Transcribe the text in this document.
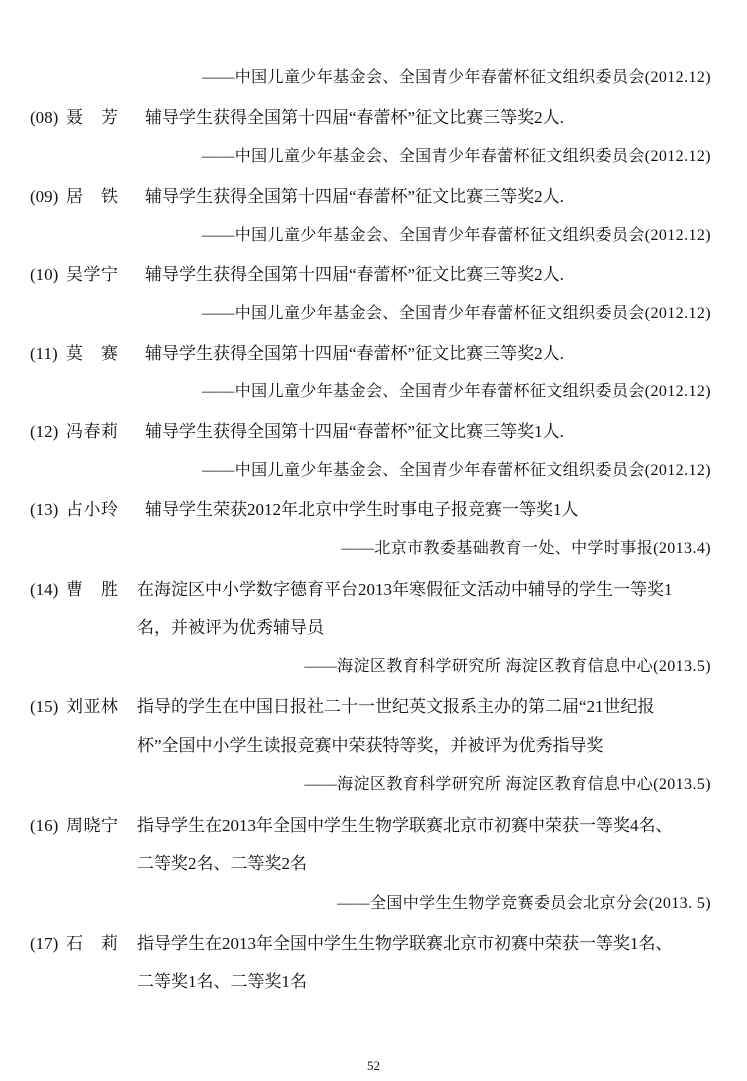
——中国儿童少年基金会、全国青少年春蕾杯征文组织委员会(2012.12)
(08) 聂　芳 辅导学生获得全国第十四届“春蕾杯”征文比赛三等奖2人.
——中国儿童少年基金会、全国青少年春蕾杯征文组织委员会(2012.12)
(09) 居　铁 辅导学生获得全国第十四届“春蕾杯”征文比赛三等奖2人.
——中国儿童少年基金会、全国青少年春蕾杯征文组织委员会(2012.12)
(10) 吴学宁 辅导学生获得全国第十四届“春蕾杯”征文比赛三等奖2人.
——中国儿童少年基金会、全国青少年春蕾杯征文组织委员会(2012.12)
(11) 莫　赛 辅导学生获得全国第十四届“春蕾杯”征文比赛三等奖2人.
——中国儿童少年基金会、全国青少年春蕾杯征文组织委员会(2012.12)
(12) 冯春莉 辅导学生获得全国第十四届“春蕾杯”征文比赛三等奖1人.
——中国儿童少年基金会、全国青少年春蕾杯征文组织委员会(2012.12)
(13) 占小玲 辅导学生荣获2012年北京中学生时事电子报竞赛一等奖1人
——北京市教委基础教育一处、中学时事报(2013.4)
(14) 曹　胜 在海淀区中小学数字德育平台2013年寒假征文活动中辅导的学生一等奖1
名，并被评为优秀辅导员
——海淀区教育科学研究所 海淀区教育信息中心(2013.5)
(15) 刘亚林 指导的学生在中国日报社二十一世纪英文报系主办的第二届“21世纪报
杯”全国中小学生读报竞赛中荣获特等奖，并被评为优秀指导奖
——海淀区教育科学研究所 海淀区教育信息中心(2013.5)
(16) 周晓宁 指导学生在2013年全国中学生生物学联赛北京市初赛中荣获一等奖4名、
二等奖2名、二等奖2名
——全国中学生生物学竞赛委员会北京分会(2013. 5)
(17) 石　莉 指导学生在2013年全国中学生生物学联赛北京市初赛中荣获一等奖1名、
二等奖1名、二等奖1名
52
